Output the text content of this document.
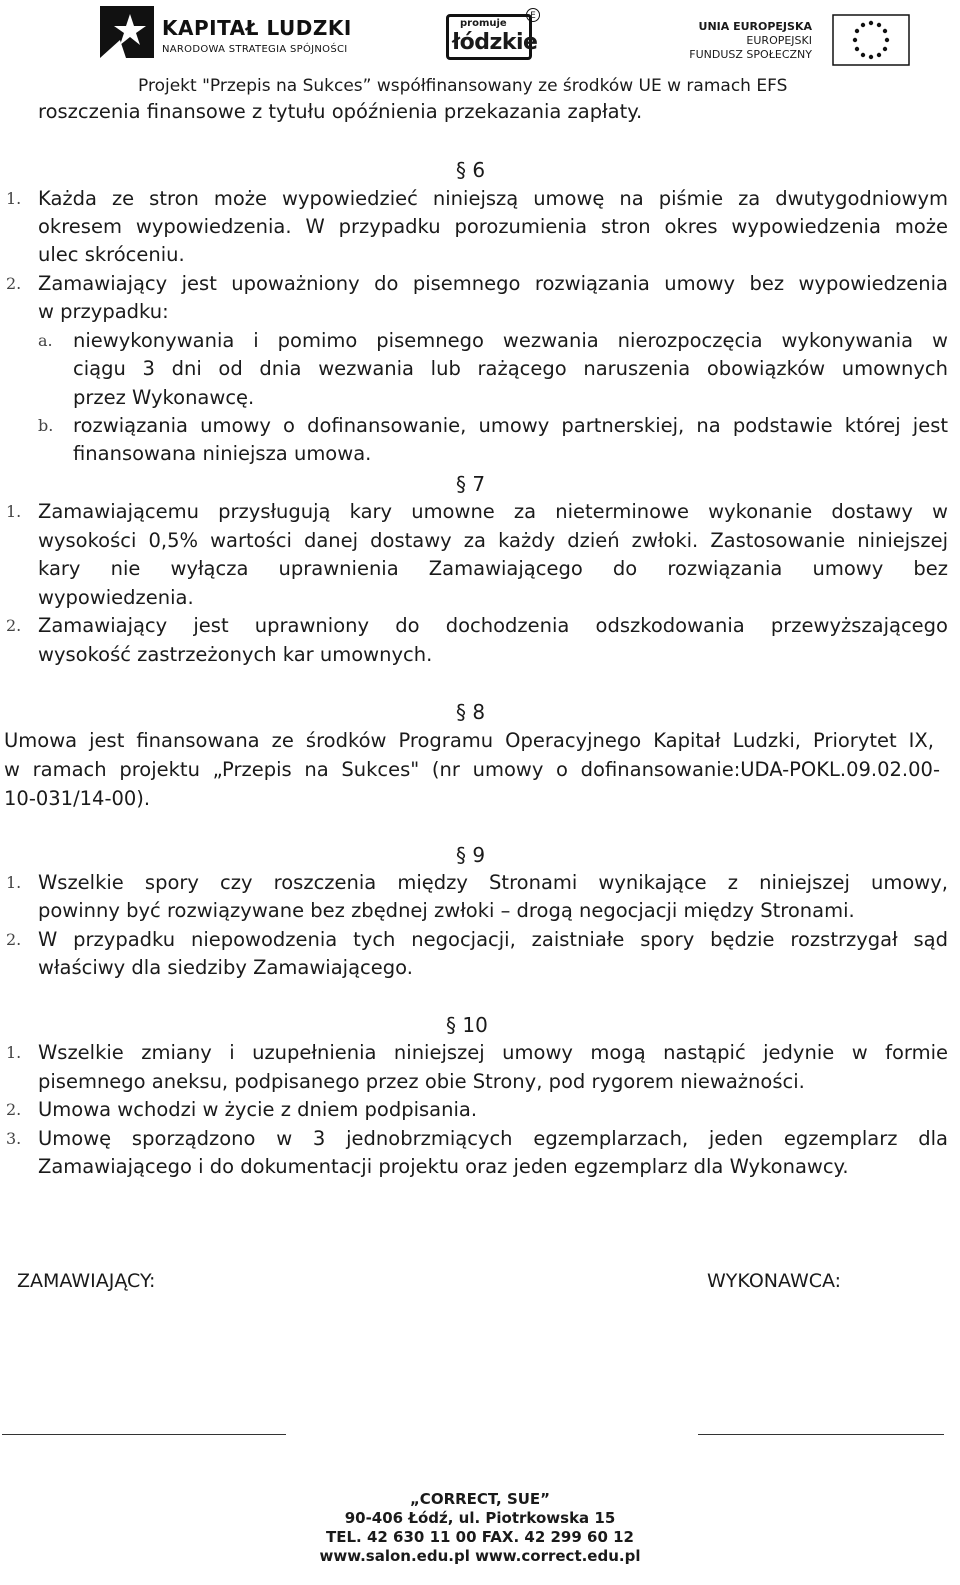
KAPITAŁ LUDZKI
NARODOWA STRATEGIA SPÓJNOŚCI
promuje
łódzkie
E
UNIA EUROPEJSKA
EUROPEJSKI
FUNDUSZ SPOŁECZNY
Projekt "Przepis na Sukces” współfinansowany ze środków UE w ramach EFS
roszczenia finansowe z tytułu opóźnienia przekazania zapłaty.
§ 6
1. Każda ze stron może wypowiedzieć niniejszą umowę na piśmie za dwutygodniowym
okresem wypowiedzenia. W przypadku porozumienia stron okres wypowiedzenia może
ulec skróceniu.
2. Zamawiający jest upoważniony do pisemnego rozwiązania umowy bez wypowiedzenia
w przypadku:
a. niewykonywania i pomimo pisemnego wezwania nierozpoczęcia wykonywania w
ciągu 3 dni od dnia wezwania lub rażącego naruszenia obowiązków umownych
przez Wykonawcę.
b. rozwiązania umowy o dofinansowanie, umowy partnerskiej, na podstawie której jest
finansowana niniejsza umowa.
§ 7
1. Zamawiającemu przysługują kary umowne za nieterminowe wykonanie dostawy w
wysokości 0,5% wartości danej dostawy za każdy dzień zwłoki. Zastosowanie niniejszej
kary nie wyłącza uprawnienia Zamawiającego do rozwiązania umowy bez
wypowiedzenia.
2. Zamawiający jest uprawniony do dochodzenia odszkodowania przewyższającego
wysokość zastrzeżonych kar umownych.
§ 8
Umowa jest finansowana ze środków Programu Operacyjnego Kapitał Ludzki, Priorytet IX,
w ramach projektu „Przepis na Sukces" (nr umowy o dofinansowanie:UDA-POKL.09.02.00-
10-031/14-00).
§ 9
1. Wszelkie spory czy roszczenia między Stronami wynikające z niniejszej umowy,
powinny być rozwiązywane bez zbędnej zwłoki – drogą negocjacji między Stronami.
2. W przypadku niepowodzenia tych negocjacji, zaistniałe spory będzie rozstrzygał sąd
właściwy dla siedziby Zamawiającego.
§ 10
1. Wszelkie zmiany i uzupełnienia niniejszej umowy mogą nastąpić jedynie w formie
pisemnego aneksu, podpisanego przez obie Strony, pod rygorem nieważności.
2. Umowa wchodzi w życie z dniem podpisania.
3. Umowę sporządzono w 3 jednobrzmiących egzemplarzach, jeden egzemplarz dla
Zamawiającego i do dokumentacji projektu oraz jeden egzemplarz dla Wykonawcy.
ZAMAWIAJĄCY:	WYKONAWCA:
„CORRECT, SUE”
90-406 Łódź, ul. Piotrkowska 15
TEL. 42 630 11 00 FAX. 42 299 60 12
www.salon.edu.pl www.correct.edu.pl
